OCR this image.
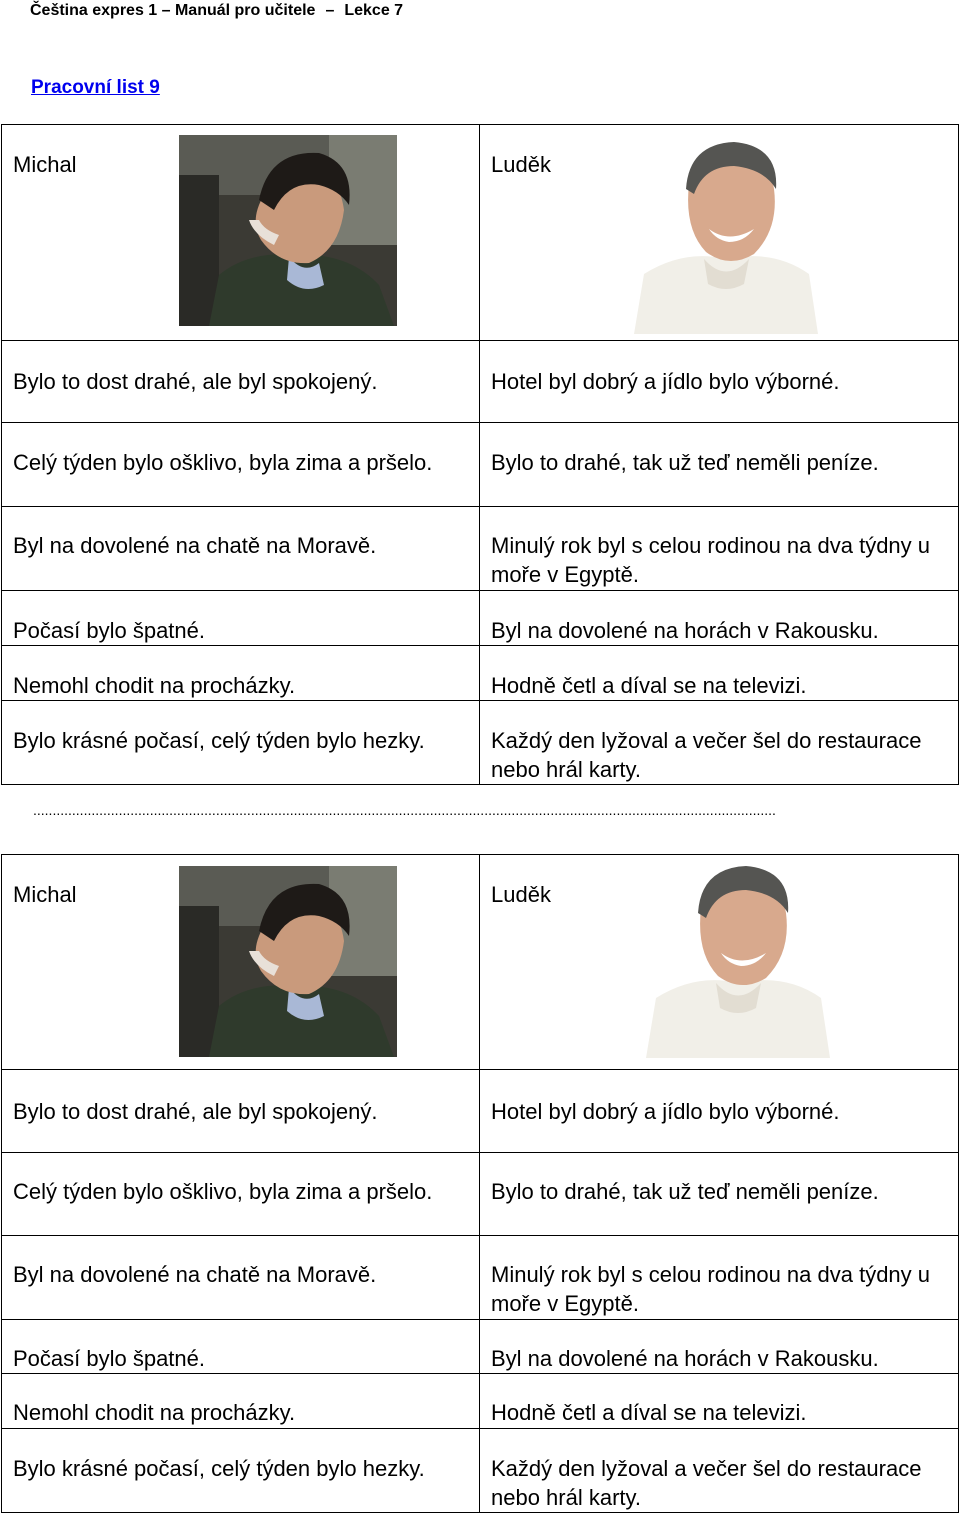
Čeština expres 1 – Manuál pro učitele – Lekce 7
Pracovní list 9
Michal	Luděk

Bylo to dost drahé, ale byl spokojený.	Hotel byl dobrý a jídlo bylo výborné.
Celý týden bylo ošklivo, byla zima a pršelo.	Bylo to drahé, tak už teď neměli peníze.
Byl na dovolené na chatě na Moravě.	Minulý rok byl s celou rodinou na dva týdny u moře v Egyptě.
Počasí bylo špatné.	Byl na dovolené na horách v Rakousku.
Nemohl chodit na procházky.	Hodně četl a díval se na televizi.
Bylo krásné počasí, celý týden bylo hezky.	Každý den lyžoval a večer šel do restaurace nebo hrál karty.
...............................................................................................................................................................................................
Michal	Luděk

Bylo to dost drahé, ale byl spokojený.	Hotel byl dobrý a jídlo bylo výborné.
Celý týden bylo ošklivo, byla zima a pršelo.	Bylo to drahé, tak už teď neměli peníze.
Byl na dovolené na chatě na Moravě.	Minulý rok byl s celou rodinou na dva týdny u moře v Egyptě.
Počasí bylo špatné.	Byl na dovolené na horách v Rakousku.
Nemohl chodit na procházky.	Hodně četl a díval se na televizi.
Bylo krásné počasí, celý týden bylo hezky.	Každý den lyžoval a večer šel do restaurace nebo hrál karty.
